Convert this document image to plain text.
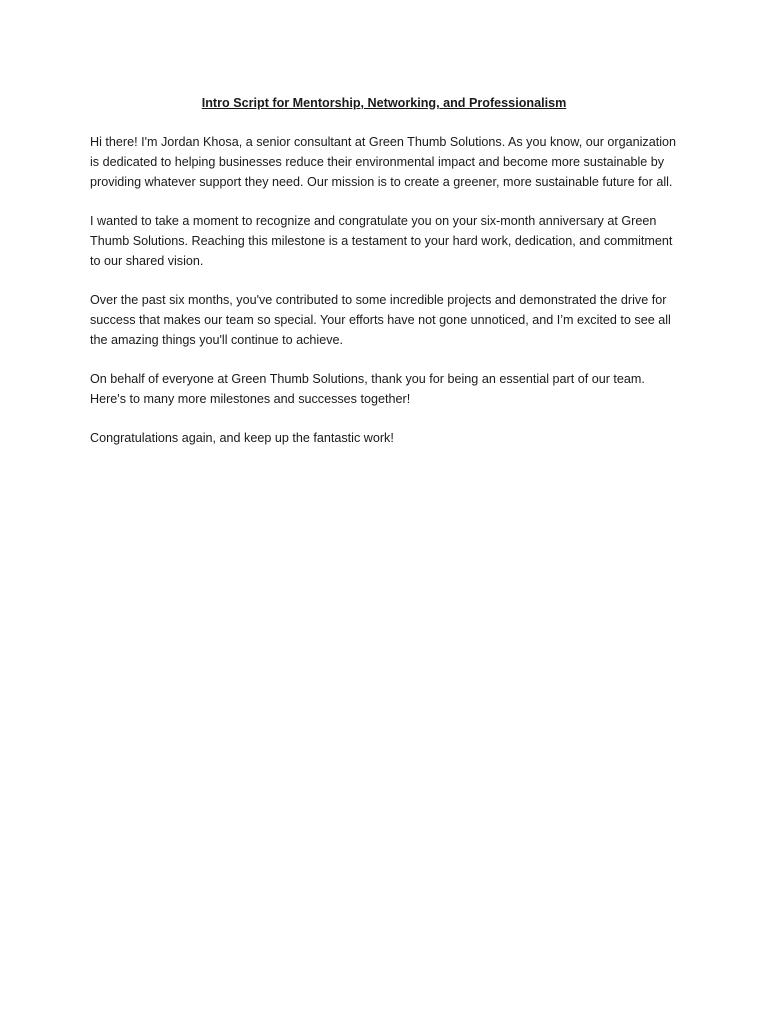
Intro Script for Mentorship, Networking, and Professionalism

Hi there! I'm Jordan Khosa, a senior consultant at Green Thumb Solutions. As you know, our organization is dedicated to helping businesses reduce their environmental impact and become more sustainable by providing whatever support they need. Our mission is to create a greener, more sustainable future for all.

I wanted to take a moment to recognize and congratulate you on your six-month anniversary at Green Thumb Solutions. Reaching this milestone is a testament to your hard work, dedication, and commitment to our shared vision.

Over the past six months, you've contributed to some incredible projects and demonstrated the drive for success that makes our team so special. Your efforts have not gone unnoticed, and I’m excited to see all the amazing things you'll continue to achieve.

On behalf of everyone at Green Thumb Solutions, thank you for being an essential part of our team. Here's to many more milestones and successes together!

Congratulations again, and keep up the fantastic work!
